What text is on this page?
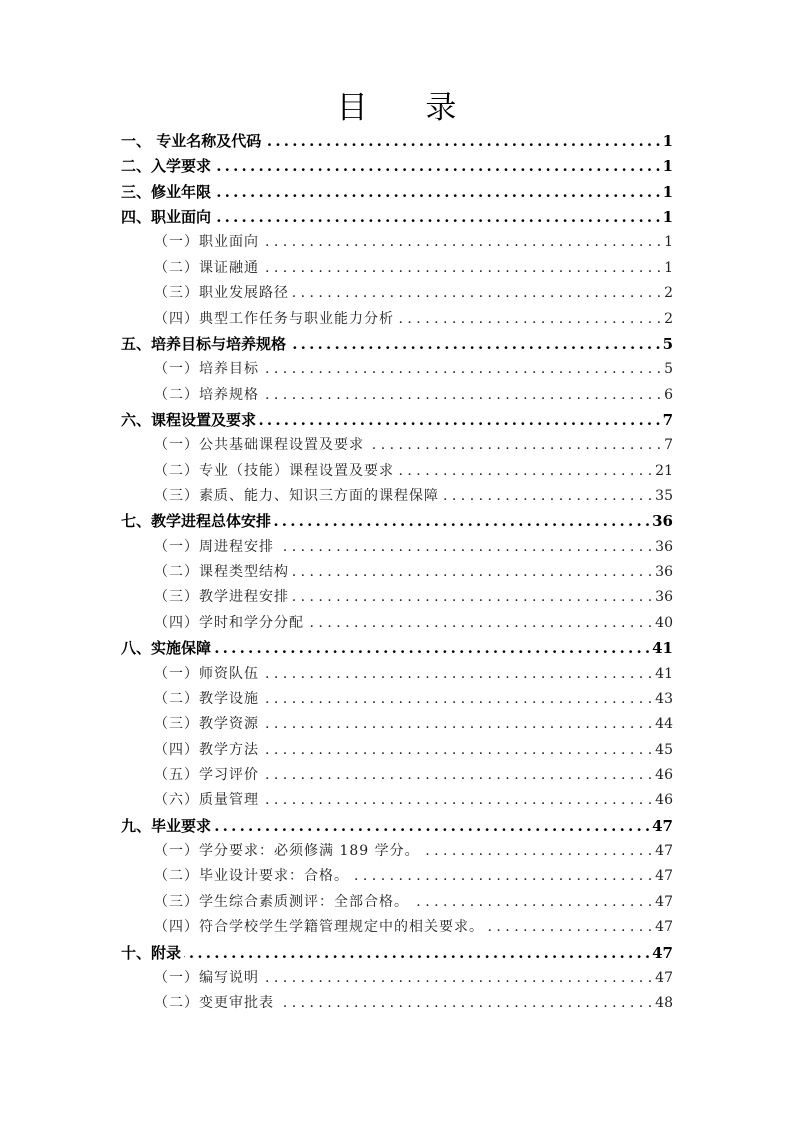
目 录
一、 专业名称及代码 . . .	1
二、入学要求 . . .	1
三、修业年限 . . .	1
四、职业面向 . . .	1
（一）职业面向 . . .	1
（二）课证融通 . . .	1
（三）职业发展路径 . . .	2
（四）典型工作任务与职业能力分析 . . .	2
五、培养目标与培养规格 . . .	5
（一）培养目标 . . .	5
（二）培养规格 . . .	6
六、课程设置及要求 . . .	7
（一）公共基础课程设置及要求 . . .	7
（二）专业（技能）课程设置及要求 . . .	21
（三）素质、能力、知识三方面的课程保障 . . .	35
七、教学进程总体安排 . . .	36
（一）周进程安排 . . .	36
（二）课程类型结构 . . .	36
（三）教学进程安排 . . .	36
（四）学时和学分分配 . . .	40
八、实施保障 . . .	41
（一）师资队伍 . . .	41
（二）教学设施 . . .	43
（三）教学资源 . . .	44
（四）教学方法 . . .	45
（五）学习评价 . . .	46
（六）质量管理 . . .	46
九、毕业要求 . . .	47
（一）学分要求：必须修满 189 学分。 . . .	47
（二）毕业设计要求：合格。 . . .	47
（三）学生综合素质测评：全部合格。 . . .	47
（四）符合学校学生学籍管理规定中的相关要求。 . . .	47
十、附录 . . .	47
（一）编写说明 . . .	47
（二）变更审批表 . . .	48
